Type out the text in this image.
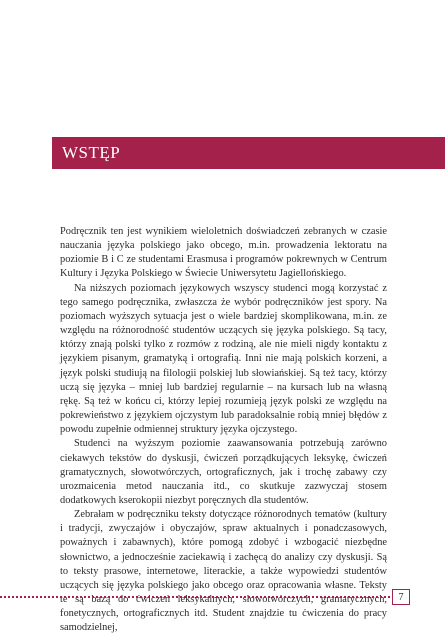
WSTĘP

Podręcznik ten jest wynikiem wieloletnich doświadczeń zebranych w czasie nauczania języka polskiego jako obcego, m.in. prowadzenia lektoratu na poziomie B i C ze studentami Erasmusa i programów pokrewnych w Centrum Kultury i Języka Polskiego w Świecie Uniwersytetu Jagiellońskiego.

Na niższych poziomach językowych wszyscy studenci mogą korzystać z tego samego podręcznika, zwłaszcza że wybór podręczników jest spory. Na poziomach wyższych sytuacja jest o wiele bardziej skomplikowana, m.in. ze względu na różnorodność studentów uczących się języka polskiego. Są tacy, którzy znają polski tylko z rozmów z rodziną, ale nie mieli nigdy kontaktu z językiem pisanym, gramatyką i ortografią. Inni nie mają polskich korzeni, a język polski studiują na filologii polskiej lub słowiańskiej. Są też tacy, którzy uczą się języka – mniej lub bardziej regularnie – na kursach lub na własną rękę. Są też w końcu ci, którzy lepiej rozumieją język polski ze względu na pokrewieństwo z językiem ojczystym lub paradoksalnie robią mniej błędów z powodu zupełnie odmiennej struktury języka ojczystego.

Studenci na wyższym poziomie zaawansowania potrzebują zarówno ciekawych tekstów do dyskusji, ćwiczeń porządkujących leksykę, ćwiczeń gramatycznych, słowotwórczych, ortograficznych, jak i trochę zabawy czy urozmaicenia metod nauczania itd., co skutkuje zazwyczaj stosem dodatkowych kserokopii niezbyt poręcznych dla studentów.

Zebrałam w podręczniku teksty dotyczące różnorodnych tematów (kultury i tradycji, zwyczajów i obyczajów, spraw aktualnych i ponadczasowych, poważnych i zabawnych), które pomogą zdobyć i wzbogacić niezbędne słownictwo, a jednocześnie zaciekawią i zachęcą do analizy czy dyskusji. Są to teksty prasowe, internetowe, literackie, a także wypowiedzi studentów uczących się języka polskiego jako obcego oraz opracowania własne. Teksty te są bazą do ćwiczeń leksykalnych, słowotwórczych, gramatycznych, fonetycznych, ortograficznych itd. Student znajdzie tu ćwiczenia do pracy samodzielnej,

7
